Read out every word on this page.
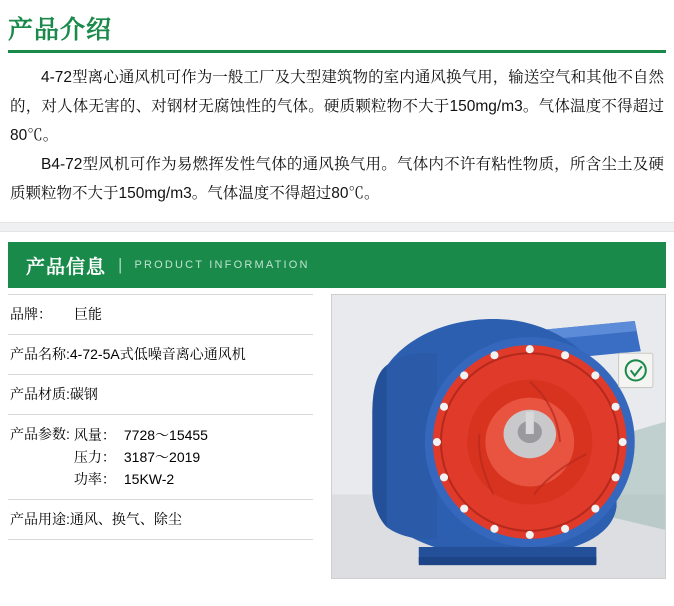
产品介绍

4-72型离心通风机可作为一般工厂及大型建筑物的室内通风换气用，输送空气和其他不自然的，对人体无害的、对钢材无腐蚀性的气体。硬质颗粒物不大于150mg/m3。气体温度不得超过80℃。

B4-72型风机可作为易燃挥发性气体的通风换气用。气体内不许有粘性物质，所含尘土及硬质颗粒物不大于150mg/m3。气体温度不得超过80℃。

产品信息 | PRODUCT INFORMATION
品牌： 巨能
产品名称:4-72-5A式低噪音离心通风机
产品材质:碳钢

产品参数: 风量： 7728～15455
压力： 3187～2019
功率： 15KW-2

产品用途:通风、换气、除尘
